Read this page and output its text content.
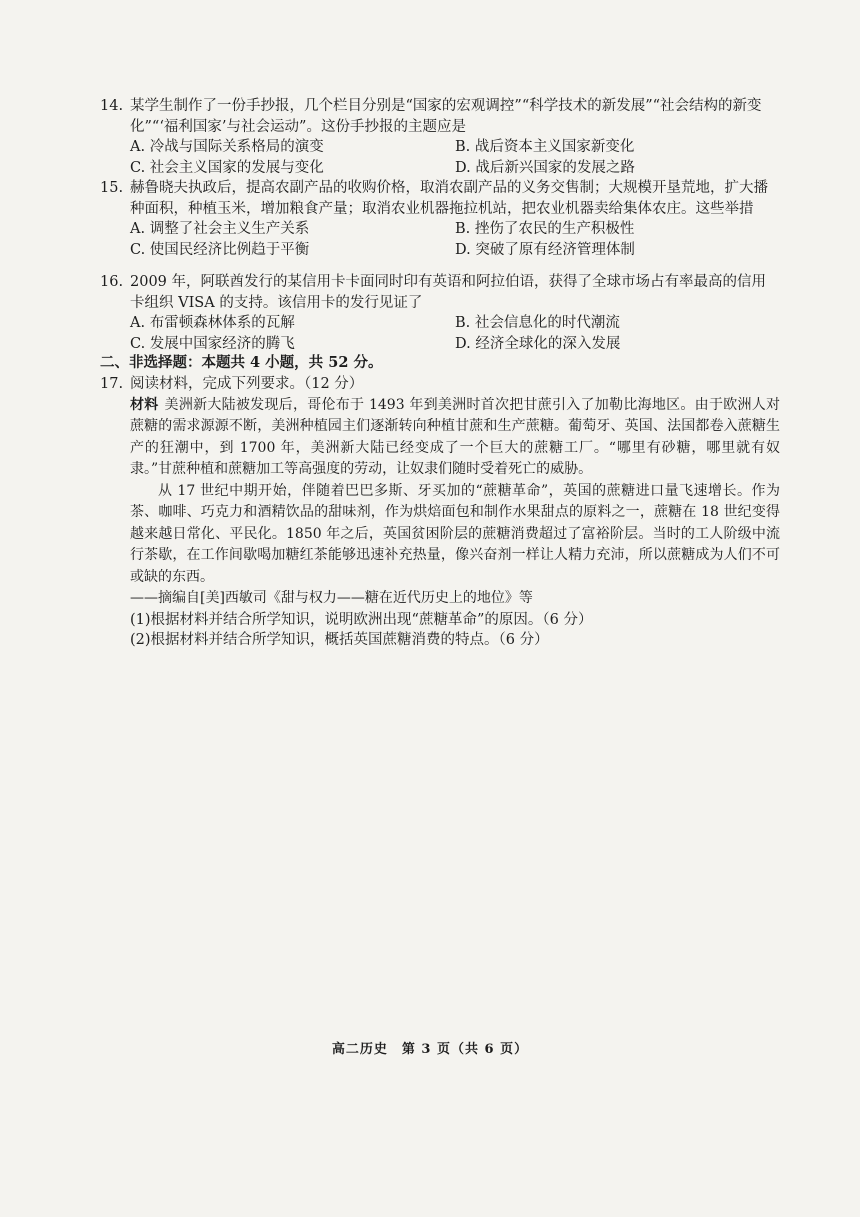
14. 某学生制作了一份手抄报，几个栏目分别是“国家的宏观调控”“科学技术的新发展”“社会结构的新变化”“‘福利国家’与社会运动”。这份手抄报的主题应是
A. 冷战与国际关系格局的演变	B. 战后资本主义国家新变化
C. 社会主义国家的发展与变化	D. 战后新兴国家的发展之路
15. 赫鲁晓夫执政后，提高农副产品的收购价格，取消农副产品的义务交售制；大规模开垦荒地，扩大播种面积，种植玉米，增加粮食产量；取消农业机器拖拉机站，把农业机器卖给集体农庄。这些举措
A. 调整了社会主义生产关系	B. 挫伤了农民的生产积极性
C. 使国民经济比例趋于平衡	D. 突破了原有经济管理体制
16. 2009 年，阿联酋发行的某信用卡卡面同时印有英语和阿拉伯语，获得了全球市场占有率最高的信用卡组织 VISA 的支持。该信用卡的发行见证了
A. 布雷顿森林体系的瓦解	B. 社会信息化的时代潮流
C. 发展中国家经济的腾飞	D. 经济全球化的深入发展
二、非选择题：本题共 4 小题，共 52 分。
17. 阅读材料，完成下列要求。（12 分）

材料 美洲新大陆被发现后，哥伦布于 1493 年到美洲时首次把甘蔗引入了加勒比海地区。由于欧洲人对蔗糖的需求源源不断，美洲种植园主们逐渐转向种植甘蔗和生产蔗糖。葡萄牙、英国、法国都卷入蔗糖生产的狂潮中，到 1700 年，美洲新大陆已经变成了一个巨大的蔗糖工厂。“哪里有砂糖，哪里就有奴隶。”甘蔗种植和蔗糖加工等高强度的劳动，让奴隶们随时受着死亡的威胁。

从 17 世纪中期开始，伴随着巴巴多斯、牙买加的“蔗糖革命”，英国的蔗糖进口量飞速增长。作为茶、咖啡、巧克力和酒精饮品的甜味剂，作为烘焙面包和制作水果甜点的原料之一，蔗糖在 18 世纪变得越来越日常化、平民化。1850 年之后，英国贫困阶层的蔗糖消费超过了富裕阶层。当时的工人阶级中流行茶歇，在工作间歇喝加糖红茶能够迅速补充热量，像兴奋剂一样让人精力充沛，所以蔗糖成为人们不可或缺的东西。

——摘编自[美]西敏司《甜与权力——糖在近代历史上的地位》等

(1)根据材料并结合所学知识，说明欧洲出现“蔗糖革命”的原因。（6 分）
(2)根据材料并结合所学知识，概括英国蔗糖消费的特点。（6 分）
高二历史　第 3 页（共 6 页）
